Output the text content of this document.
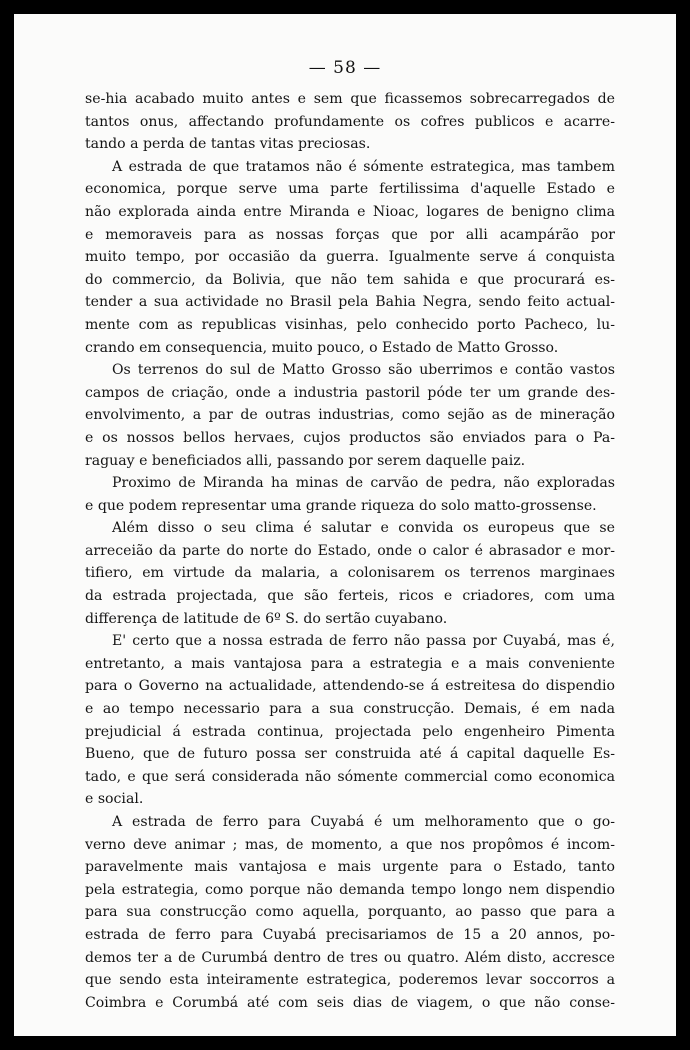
— 58 —
se-hia acabado muito antes e sem que ficassemos sobrecarregados de
tantos onus, affectando profundamente os cofres publicos e acarre-
tando a perda de tantas vitas preciosas.
A estrada de que tratamos não é sómente estrategica, mas tambem
economica, porque serve uma parte fertilissima d'aquelle Estado e
não explorada ainda entre Miranda e Nioac, logares de benigno clima
e memoraveis para as nossas forças que por alli acampárão por
muito tempo, por occasião da guerra. Igualmente serve á conquista
do commercio, da Bolivia, que não tem sahida e que procurará es-
tender a sua actividade no Brasil pela Bahia Negra, sendo feito actual-
mente com as republicas visinhas, pelo conhecido porto Pacheco, lu-
crando em consequencia, muito pouco, o Estado de Matto Grosso.
Os terrenos do sul de Matto Grosso são uberrimos e contão vastos
campos de criação, onde a industria pastoril póde ter um grande des-
envolvimento, a par de outras industrias, como sejão as de mineração
e os nossos bellos hervaes, cujos productos são enviados para o Pa-
raguay e beneficiados alli, passando por serem daquelle paiz.
Proximo de Miranda ha minas de carvão de pedra, não exploradas
e que podem representar uma grande riqueza do solo matto-grossense.
Além disso o seu clima é salutar e convida os europeus que se
arreceião da parte do norte do Estado, onde o calor é abrasador e mor-
tifiero, em virtude da malaria, a colonisarem os terrenos marginaes
da estrada projectada, que são ferteis, ricos e criadores, com uma
differença de latitude de 6º S. do sertão cuyabano.
E' certo que a nossa estrada de ferro não passa por Cuyabá, mas é,
entretanto, a mais vantajosa para a estrategia e a mais conveniente
para o Governo na actualidade, attendendo-se á estreitesa do dispendio
e ao tempo necessario para a sua construcção. Demais, é em nada
prejudicial á estrada continua, projectada pelo engenheiro Pimenta
Bueno, que de futuro possa ser construida até á capital daquelle Es-
tado, e que será considerada não sómente commercial como economica
e social.
A estrada de ferro para Cuyabá é um melhoramento que o go-
verno deve animar ; mas, de momento, a que nos propômos é incom-
paravelmente mais vantajosa e mais urgente para o Estado, tanto
pela estrategia, como porque não demanda tempo longo nem dispendio
para sua construcção como aquella, porquanto, ao passo que para a
estrada de ferro para Cuyabá precisariamos de 15 a 20 annos, po-
demos ter a de Curumbá dentro de tres ou quatro. Além disto, accresce
que sendo esta inteiramente estrategica, poderemos levar soccorros a
Coimbra e Corumbá até com seis dias de viagem, o que não conse-
